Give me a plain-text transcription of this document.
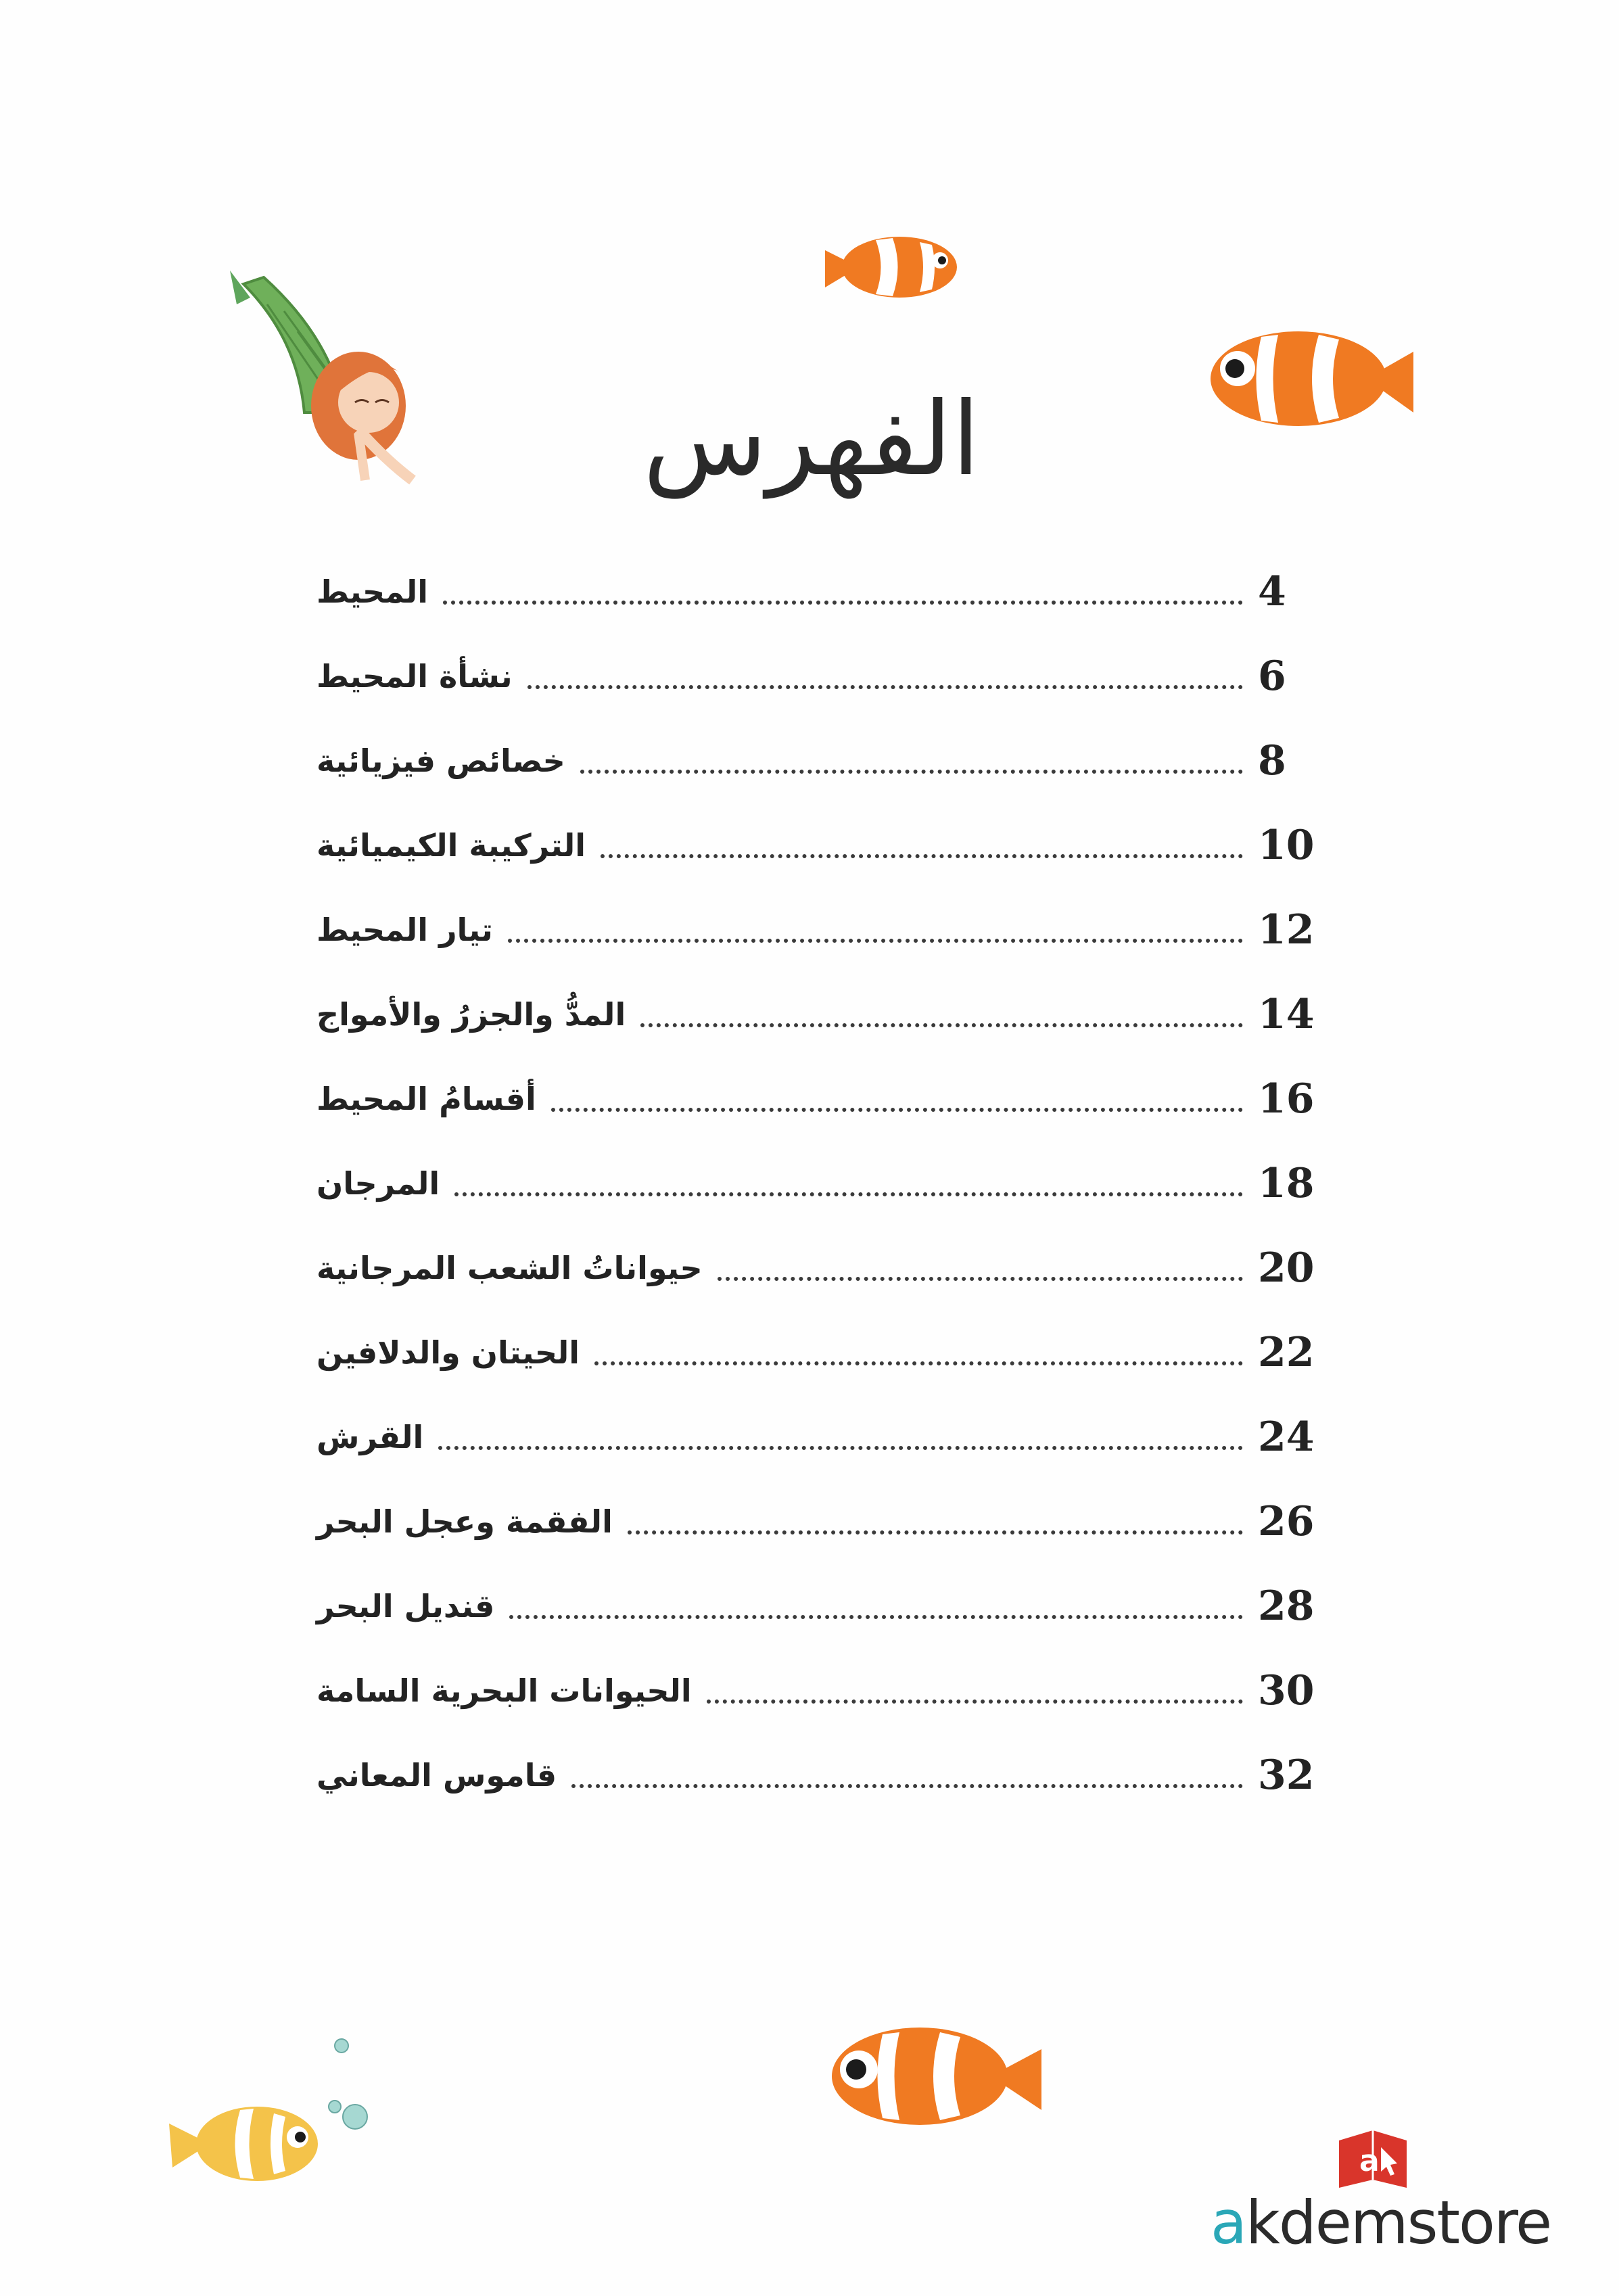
الفهرس
المحيط	4
نشأة المحيط	6
خصائص فيزيائية	8
التركيبة الكيميائية	10
تيار المحيط	12
المدُّ والجزرُ والأمواج	14
أقسامُ المحيط	16
المرجان	18
حيواناتُ الشعب المرجانية	20
الحيتان والدلافين	22
القرش	24
الفقمة وعجل البحر	26
قنديل البحر	28
الحيوانات البحرية السامة	30
قاموس المعاني	32
a
akdemstore
